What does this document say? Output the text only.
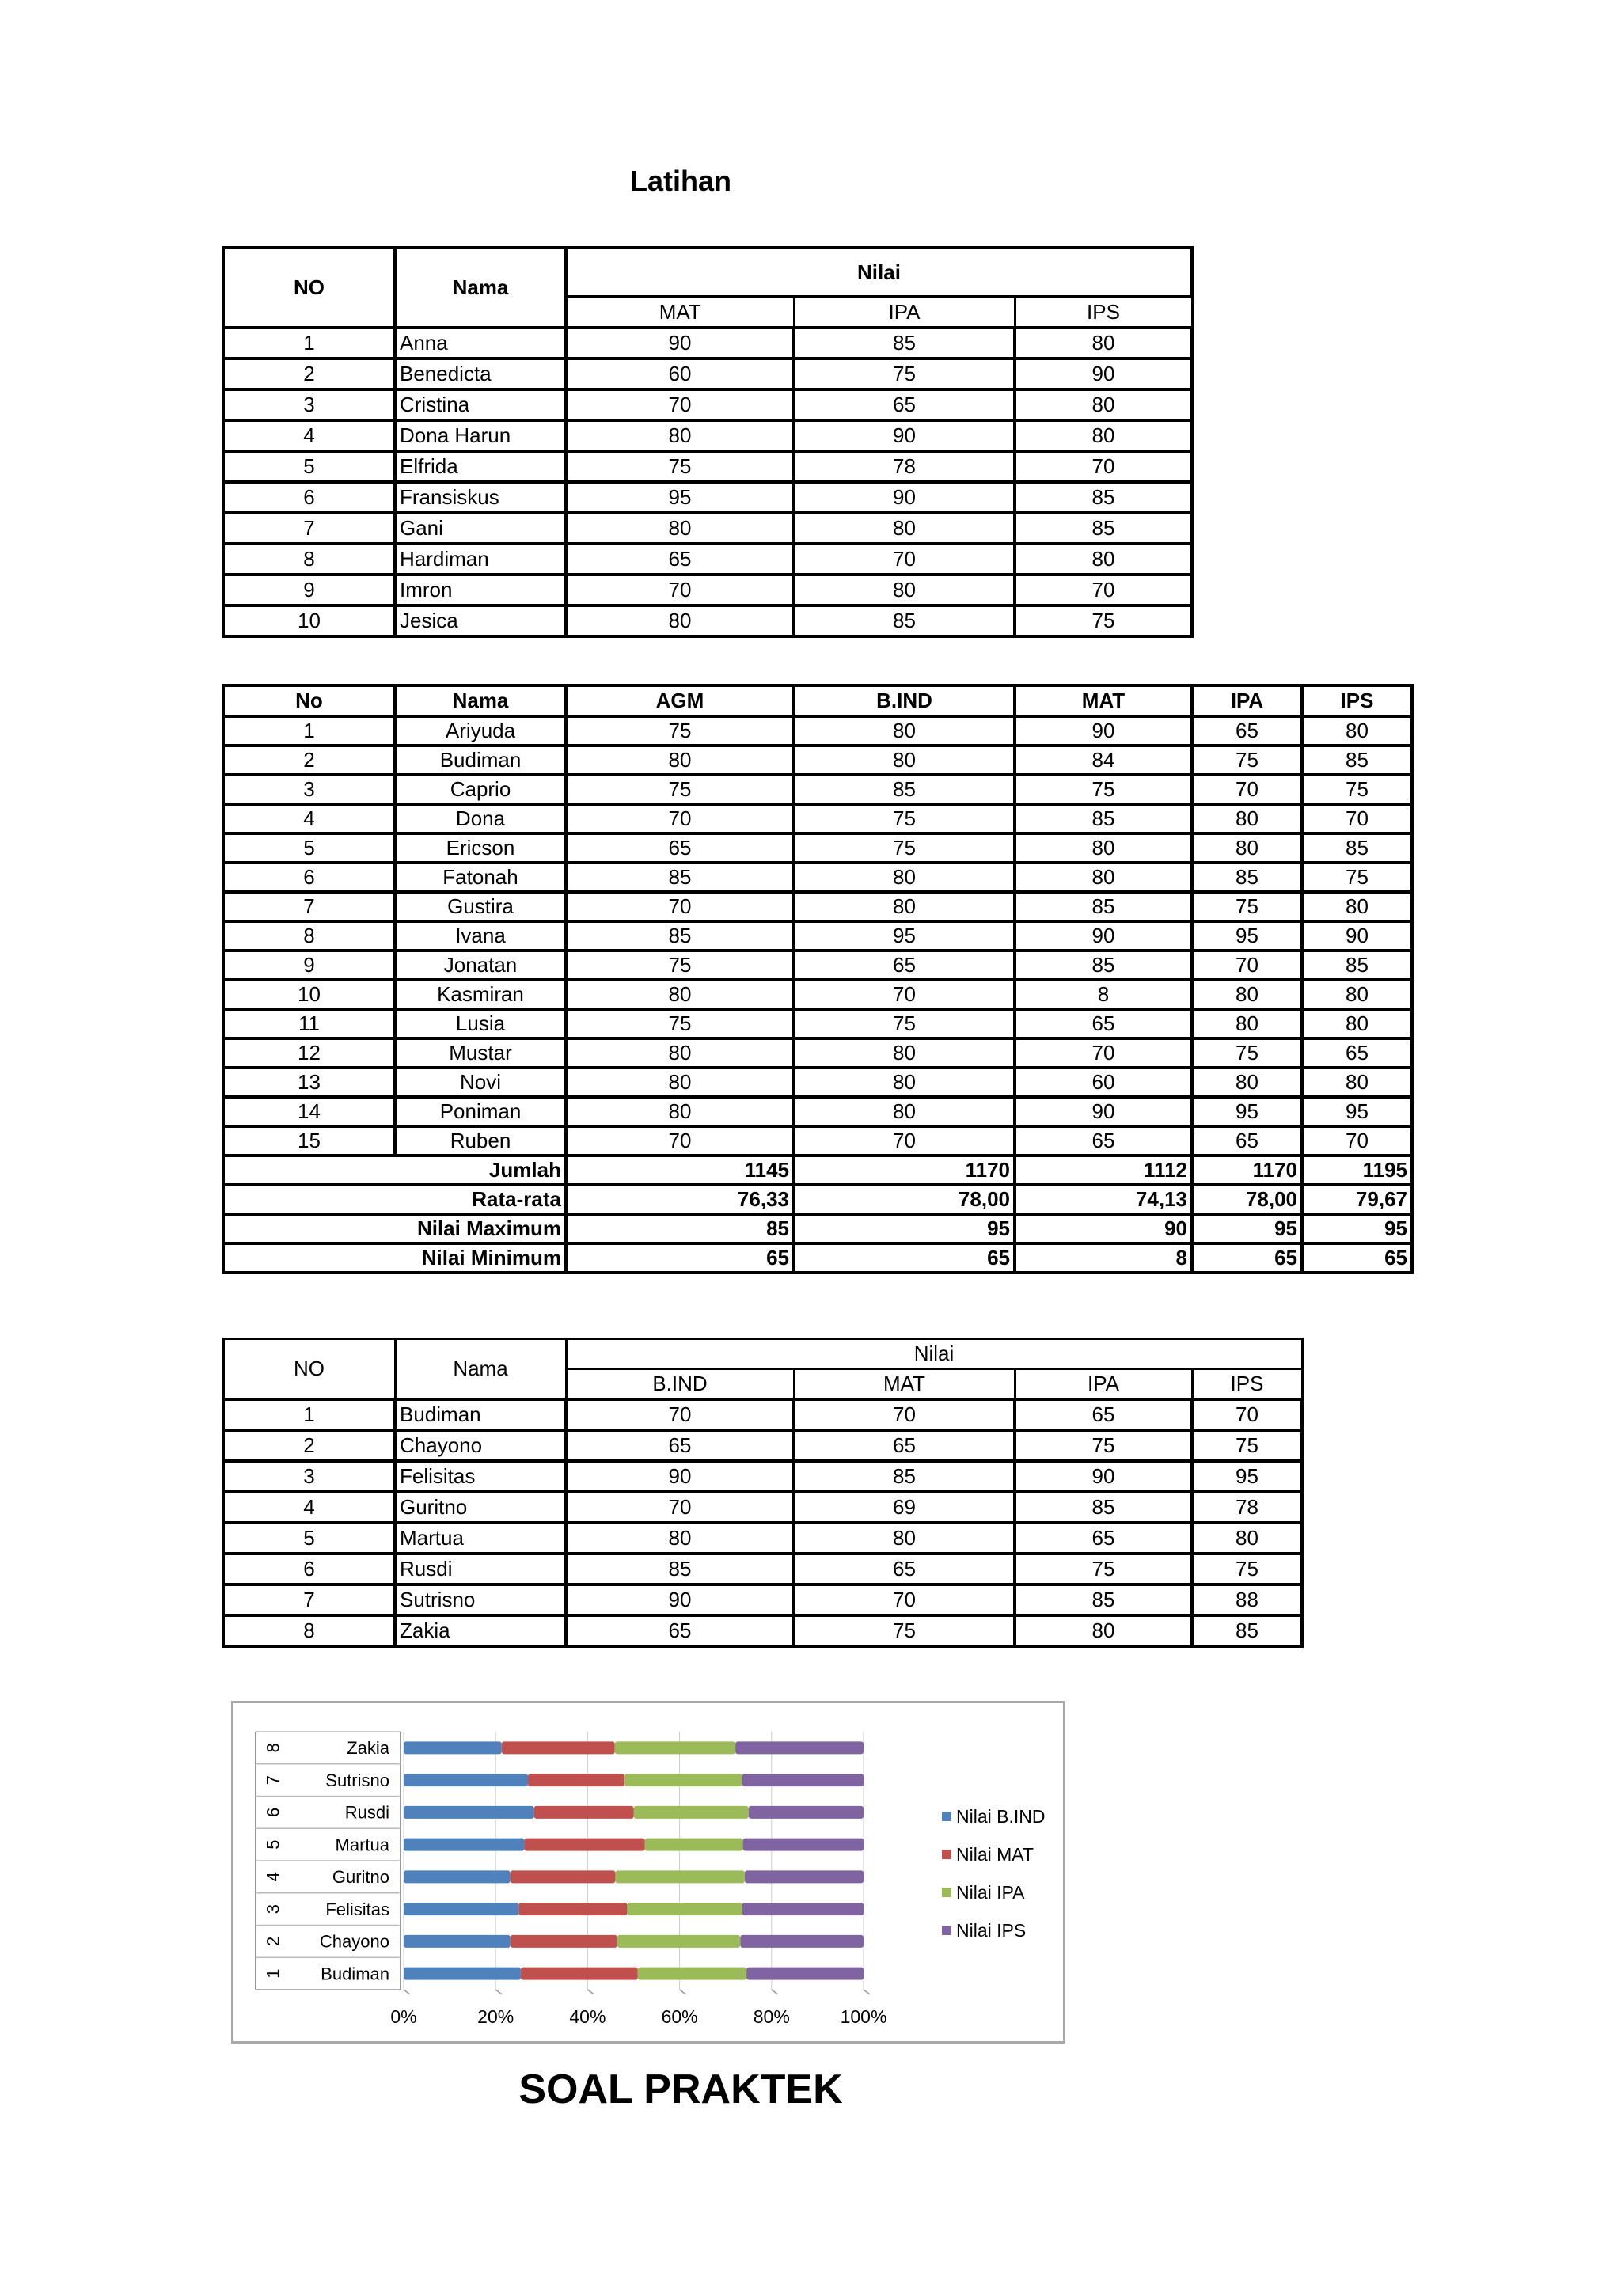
Latihan
NO	Nama	Nilai		
		MAT	IPA	IPS
1	Anna	90	85	80
2	Benedicta	60	75	90
3	Cristina	70	65	80
4	Dona Harun	80	90	80
5	Elfrida	75	78	70
6	Fransiskus	95	90	85
7	Gani	80	80	85
8	Hardiman	65	70	80
9	Imron	70	80	70
10	Jesica	80	85	75
No	Nama	AGM	B.IND	MAT	IPA	IPS
1	Ariyuda	75	80	90	65	80
2	Budiman	80	80	84	75	85
3	Caprio	75	85	75	70	75
4	Dona	70	75	85	80	70
5	Ericson	65	75	80	80	85
6	Fatonah	85	80	80	85	75
7	Gustira	70	80	85	75	80
8	Ivana	85	95	90	95	90
9	Jonatan	75	65	85	70	85
10	Kasmiran	80	70	8	80	80
11	Lusia	75	75	65	80	80
12	Mustar	80	80	70	75	65
13	Novi	80	80	60	80	80
14	Poniman	80	80	90	95	95
15	Ruben	70	70	65	65	70
Jumlah		1145	1170	1112	1170	1195
Rata-rata		76,33	78,00	74,13	78,00	79,67
Nilai Maximum		85	95	90	95	95
Nilai Minimum		65	65	8	65	65
NO	Nama	Nilai			
		B.IND	MAT	IPA	IPS
1	Budiman	70	70	65	70
2	Chayono	65	65	75	75
3	Felisitas	90	85	90	95
4	Guritno	70	69	85	78
5	Martua	80	80	65	80
6	Rusdi	85	65	75	75
7	Sutrisno	90	70	85	88
8	Zakia	65	75	80	85
1 Budiman
2 Chayono
3 Felisitas
4	Guritno
5	Martua
6	Rusdi
7 Sutrisno
8	Zakia
0%	20%	40%	60%	80%	100%
Nilai B.IND
Nilai MAT
Nilai IPA
Nilai IPS
SOAL PRAKTEK
